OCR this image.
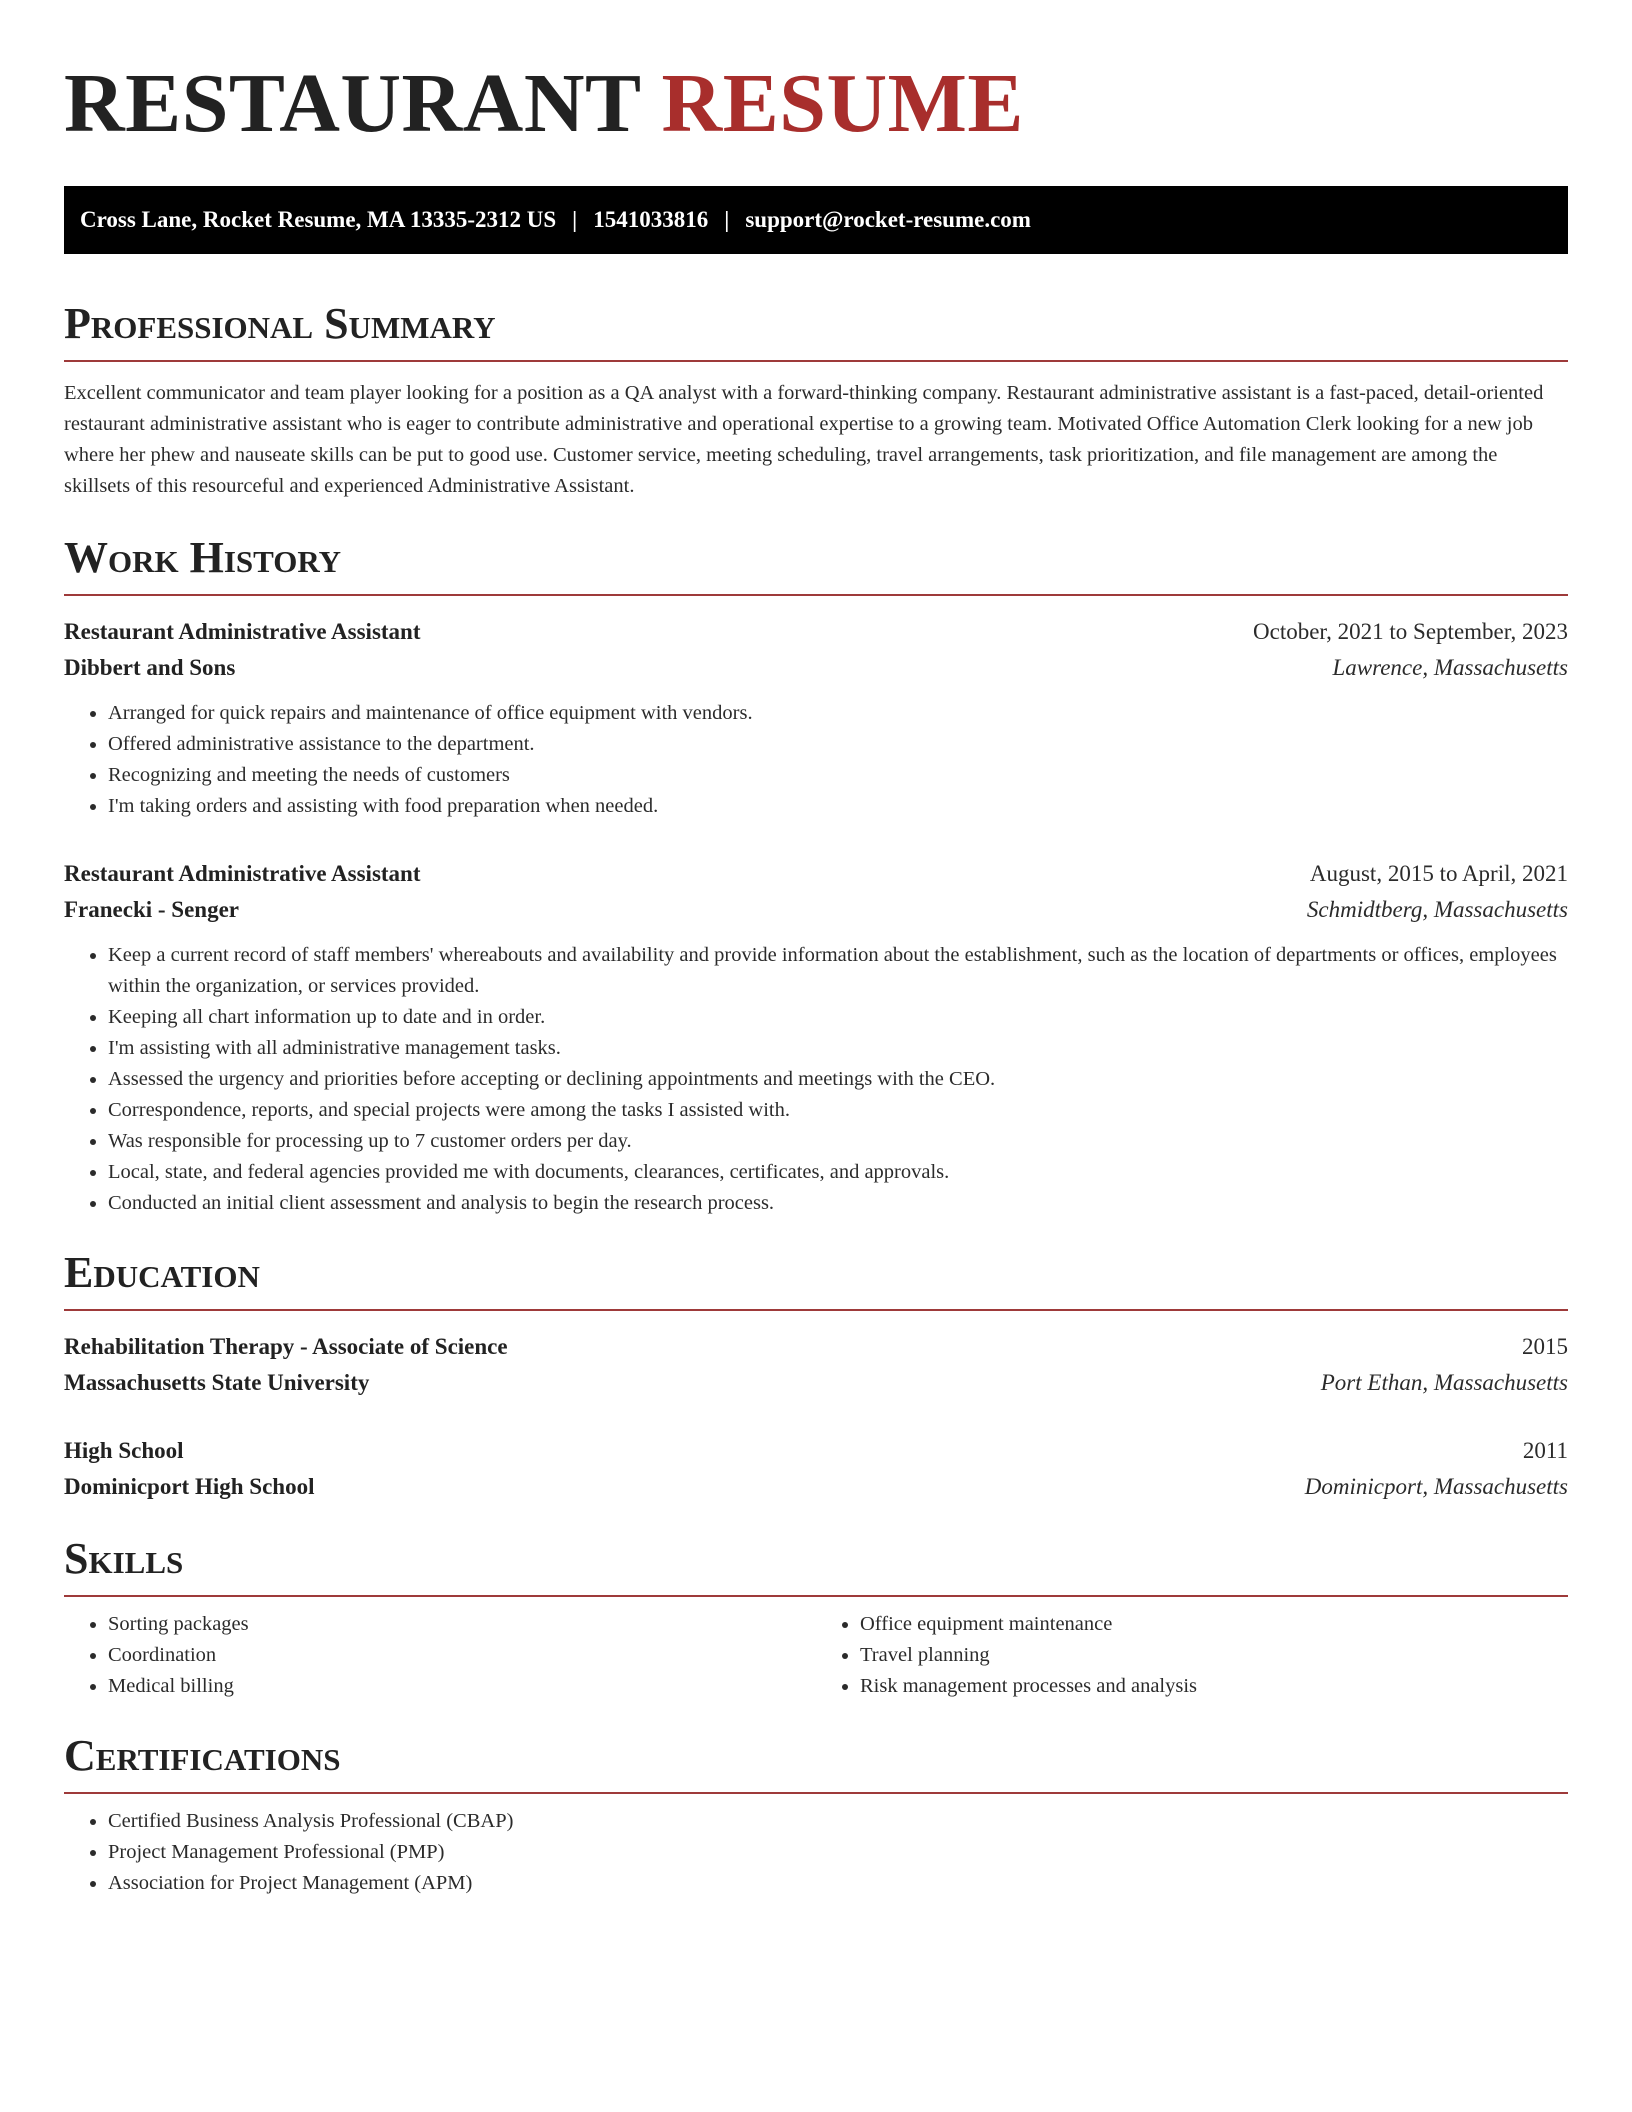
RESTAURANT RESUME
Cross Lane, Rocket Resume, MA 13335-2312 US | 1541033816 | support@rocket-resume.com
Professional Summary

Excellent communicator and team player looking for a position as a QA analyst with a forward-thinking company. Restaurant administrative assistant is a fast-paced, detail-oriented restaurant administrative assistant who is eager to contribute administrative and operational expertise to a growing team. Motivated Office Automation Clerk looking for a new job where her phew and nauseate skills can be put to good use. Customer service, meeting scheduling, travel arrangements, task prioritization, and file management are among the skillsets of this resourceful and experienced Administrative Assistant.

Work History
Restaurant Administrative Assistant	October, 2021 to September, 2023
Dibbert and Sons	Lawrence, Massachusetts
• Arranged for quick repairs and maintenance of office equipment with vendors.
• Offered administrative assistance to the department.
• Recognizing and meeting the needs of customers
• I'm taking orders and assisting with food preparation when needed.
Restaurant Administrative Assistant	August, 2015 to April, 2021
Franecki - Senger	Schmidtberg, Massachusetts
• Keep a current record of staff members' whereabouts and availability and provide information about the establishment, such as the location of departments or offices, employees within the organization, or services provided.
• Keeping all chart information up to date and in order.
• I'm assisting with all administrative management tasks.
• Assessed the urgency and priorities before accepting or declining appointments and meetings with the CEO.
• Correspondence, reports, and special projects were among the tasks I assisted with.
• Was responsible for processing up to 7 customer orders per day.
• Local, state, and federal agencies provided me with documents, clearances, certificates, and approvals.
• Conducted an initial client assessment and analysis to begin the research process.
Education
Rehabilitation Therapy - Associate of Science	2015
Massachusetts State University	Port Ethan, Massachusetts
High School	2011
Dominicport High School	Dominicport, Massachusetts
Skills
• Sorting packages
• Coordination
• Medical billing
• Office equipment maintenance
• Travel planning
• Risk management processes and analysis
Certifications
• Certified Business Analysis Professional (CBAP)
• Project Management Professional (PMP)
• Association for Project Management (APM)
